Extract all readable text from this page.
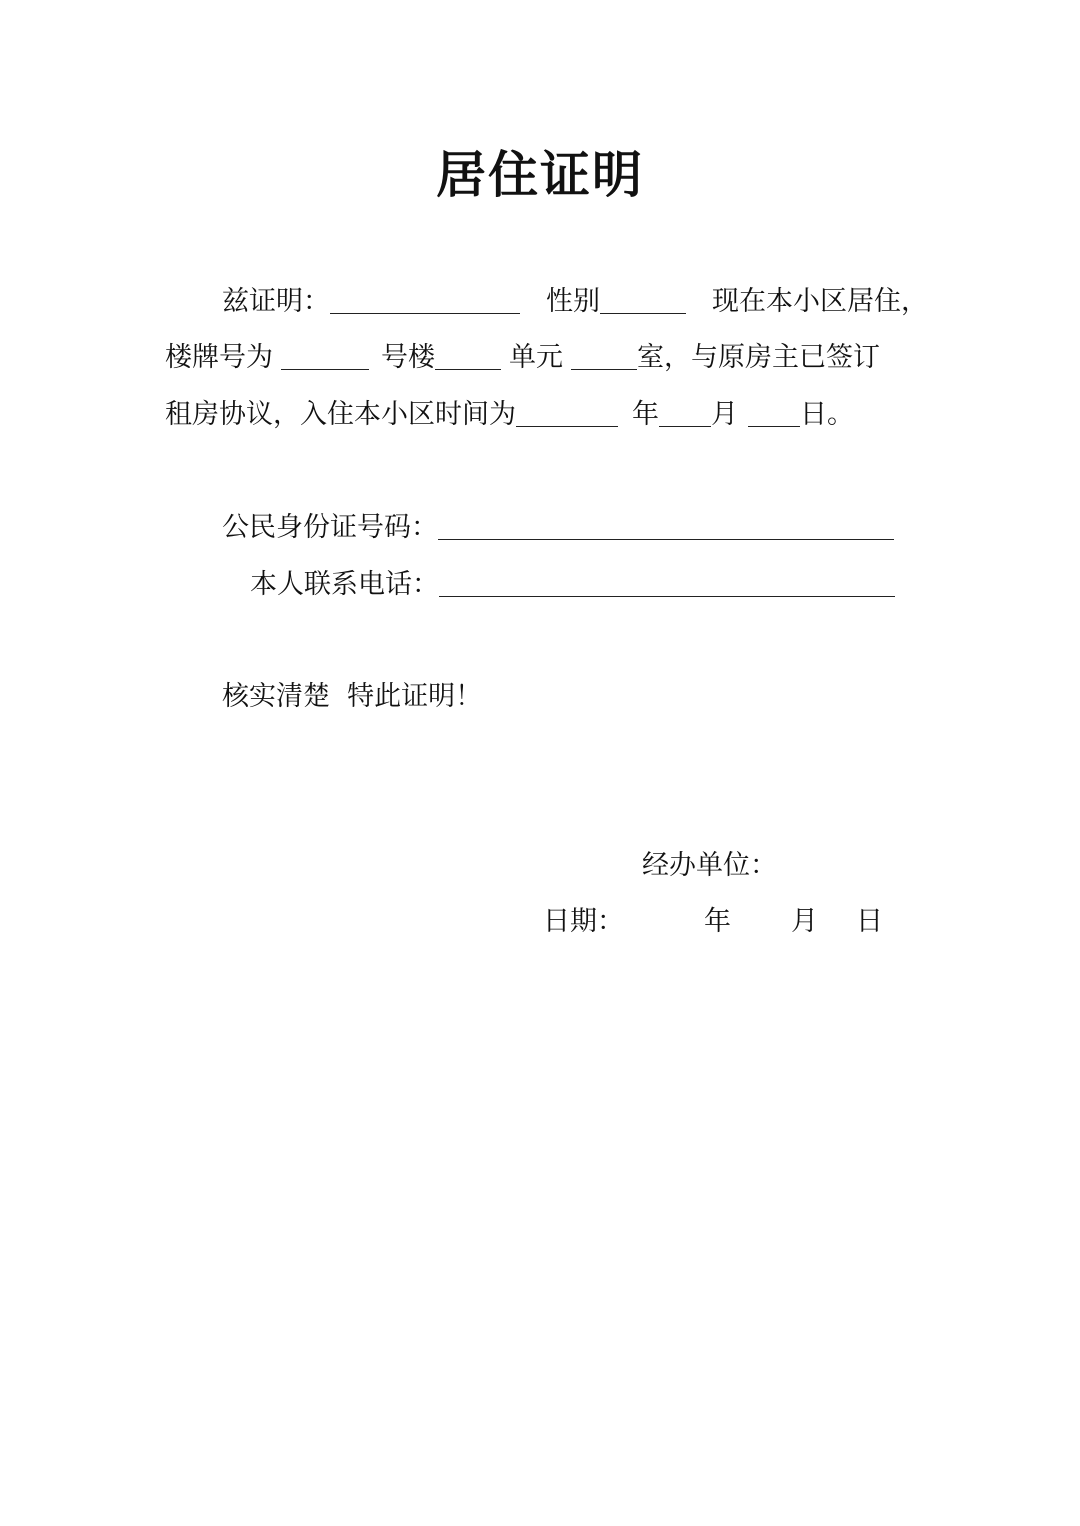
居住证明
兹证明：	性别	现在本小区居住，
楼牌号为	号楼	单元	室，与原房主已签订
租房协议，入住本小区时间为	年 月 日。
公民身份证号码：
本人联系电话：
核实清楚  特此证明！
经办单位：
日期：	年 月 日
